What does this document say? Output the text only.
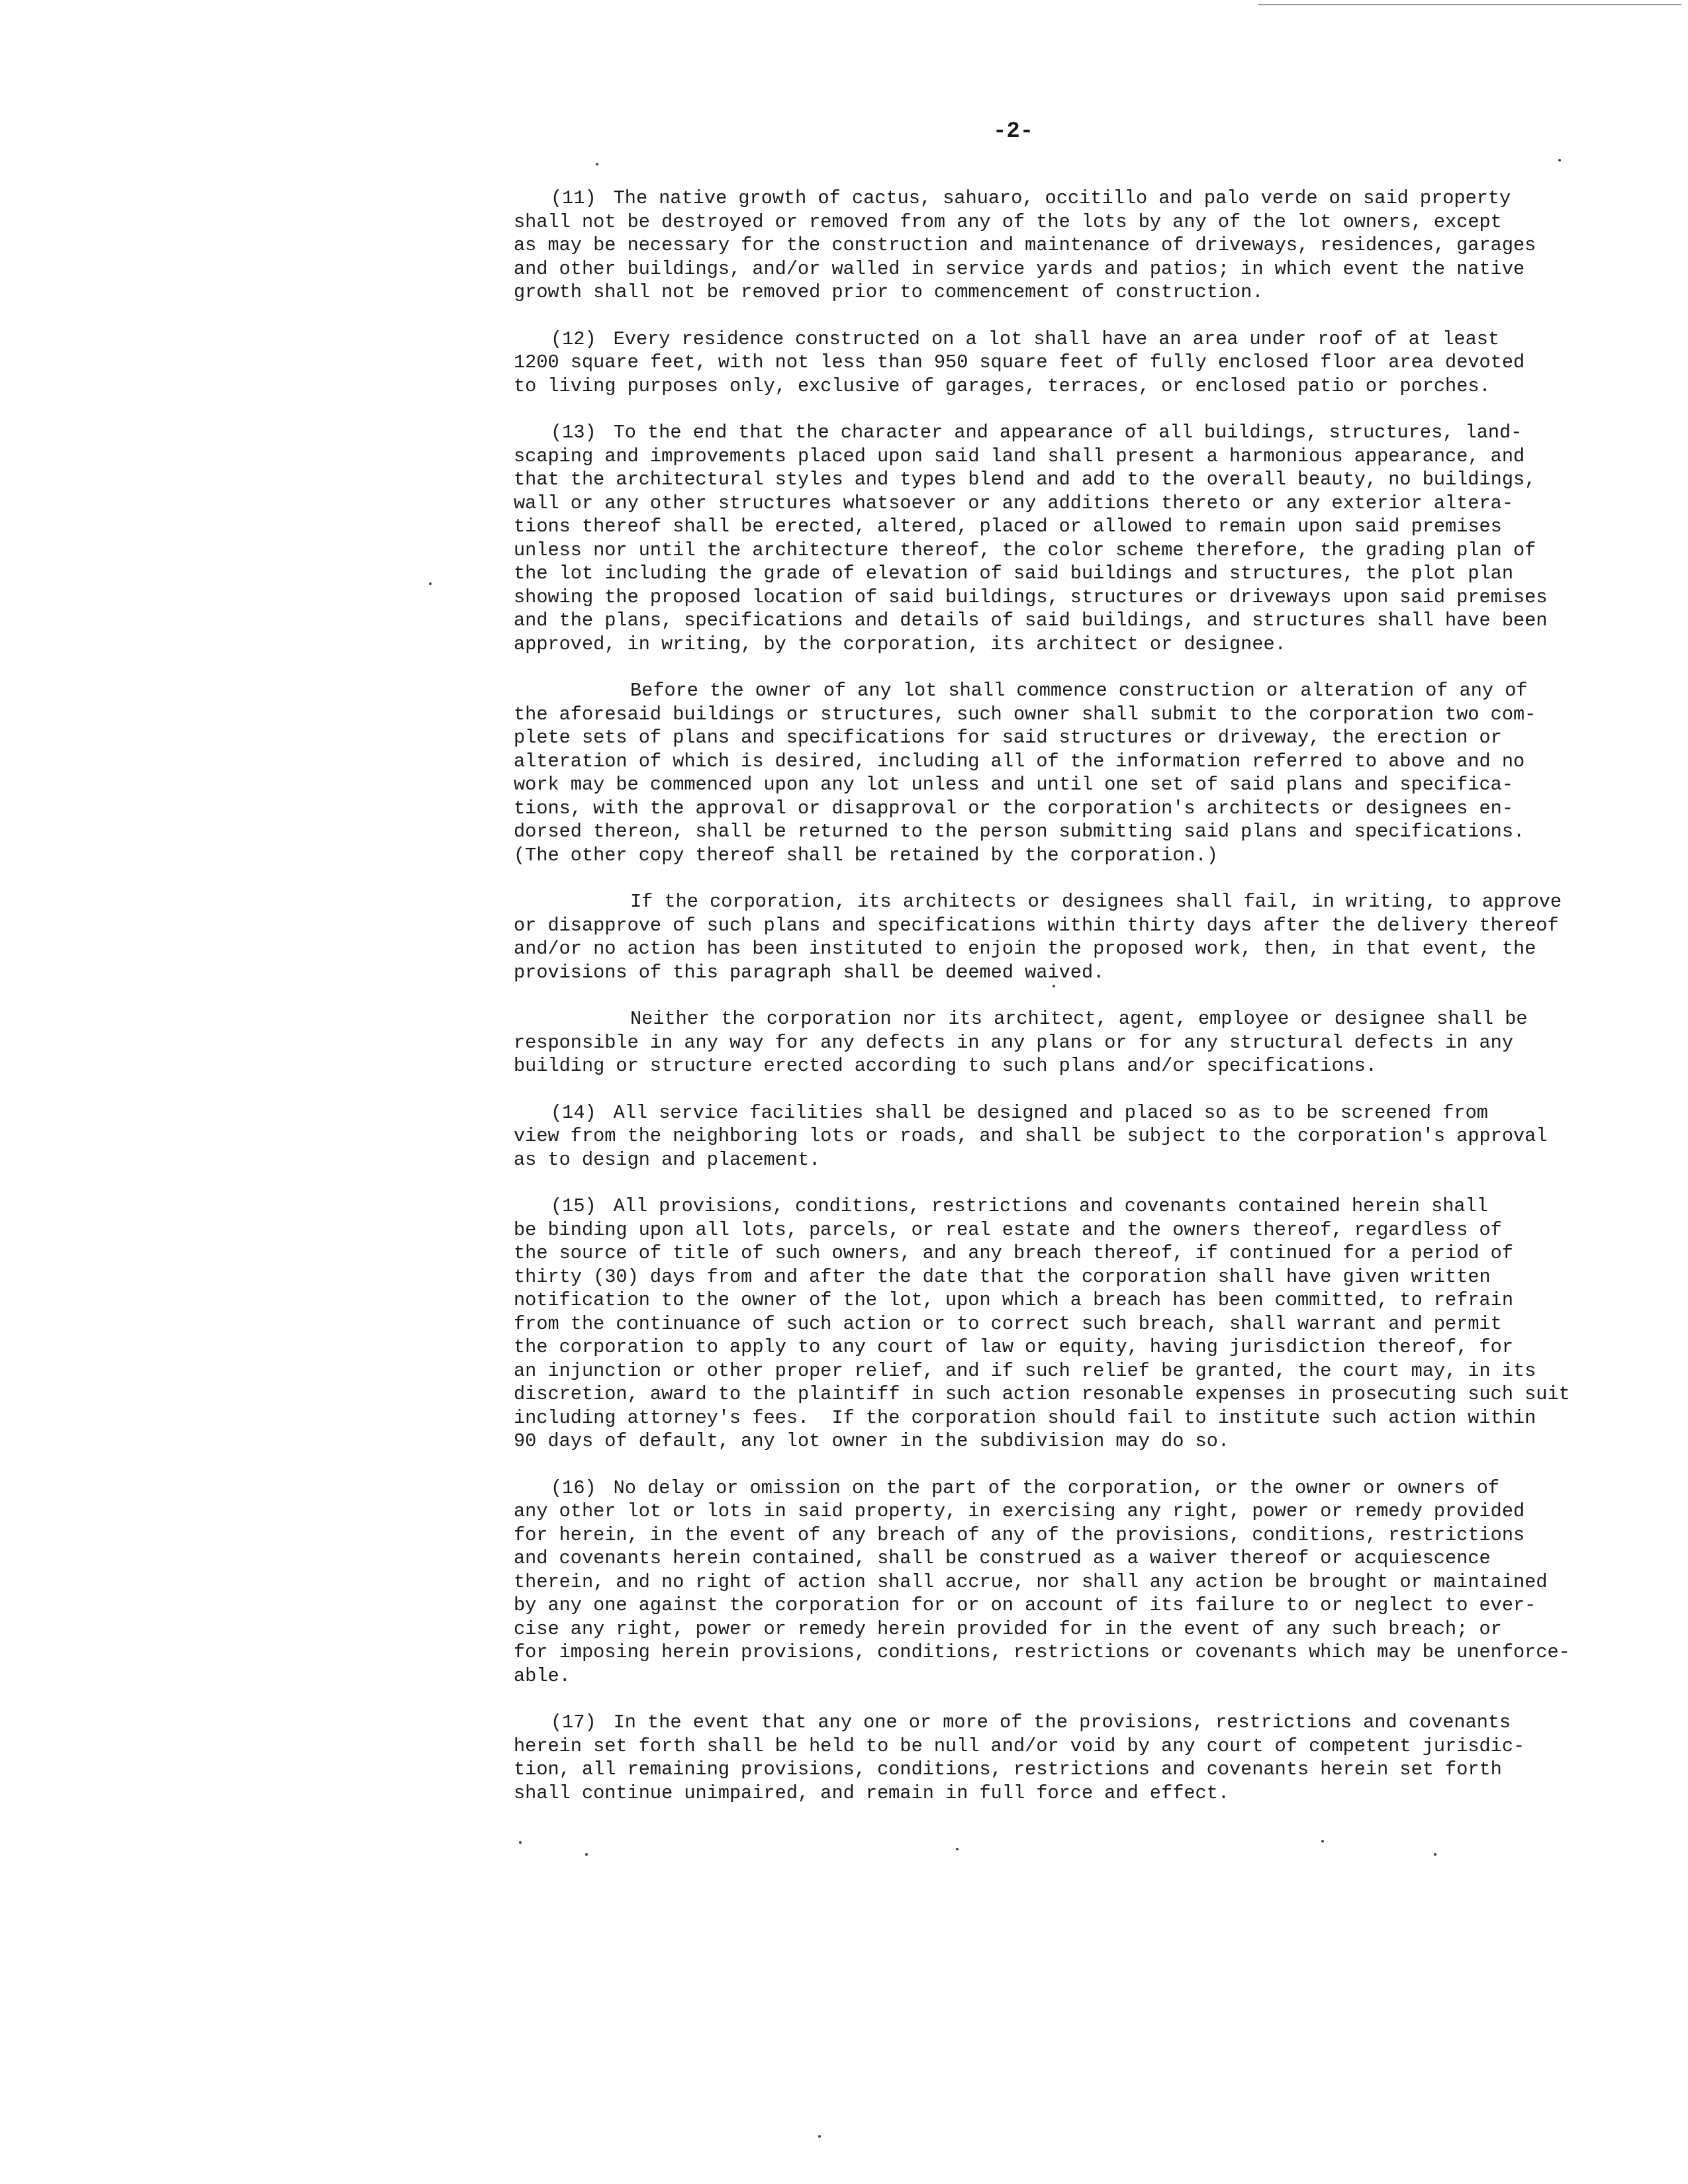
-2-
(11) The native growth of cactus, sahuaro, occitillo and palo verde on said property
shall not be destroyed or removed from any of the lots by any of the lot owners, except
as may be necessary for the construction and maintenance of driveways, residences, garages
and other buildings, and/or walled in service yards and patios; in which event the native
growth shall not be removed prior to commencement of construction.
(12) Every residence constructed on a lot shall have an area under roof of at least
1200 square feet, with not less than 950 square feet of fully enclosed floor area devoted
to living purposes only, exclusive of garages, terraces, or enclosed patio or porches.
(13) To the end that the character and appearance of all buildings, structures, land-
scaping and improvements placed upon said land shall present a harmonious appearance, and
that the architectural styles and types blend and add to the overall beauty, no buildings,
wall or any other structures whatsoever or any additions thereto or any exterior altera-
tions thereof shall be erected, altered, placed or allowed to remain upon said premises
unless nor until the architecture thereof, the color scheme therefore, the grading plan of
the lot including the grade of elevation of said buildings and structures, the plot plan
showing the proposed location of said buildings, structures or driveways upon said premises
and the plans, specifications and details of said buildings, and structures shall have been
approved, in writing, by the corporation, its architect or designee.
Before the owner of any lot shall commence construction or alteration of any of
the aforesaid buildings or structures, such owner shall submit to the corporation two com-
plete sets of plans and specifications for said structures or driveway, the erection or
alteration of which is desired, including all of the information referred to above and no
work may be commenced upon any lot unless and until one set of said plans and specifica-
tions, with the approval or disapproval or the corporation's architects or designees en-
dorsed thereon, shall be returned to the person submitting said plans and specifications.
(The other copy thereof shall be retained by the corporation.)
If the corporation, its architects or designees shall fail, in writing, to approve
or disapprove of such plans and specifications within thirty days after the delivery thereof
and/or no action has been instituted to enjoin the proposed work, then, in that event, the
provisions of this paragraph shall be deemed waived.
Neither the corporation nor its architect, agent, employee or designee shall be
responsible in any way for any defects in any plans or for any structural defects in any
building or structure erected according to such plans and/or specifications.
(14) All service facilities shall be designed and placed so as to be screened from
view from the neighboring lots or roads, and shall be subject to the corporation's approval
as to design and placement.
(15) All provisions, conditions, restrictions and covenants contained herein shall
be binding upon all lots, parcels, or real estate and the owners thereof, regardless of
the source of title of such owners, and any breach thereof, if continued for a period of
thirty (30) days from and after the date that the corporation shall have given written
notification to the owner of the lot, upon which a breach has been committed, to refrain
from the continuance of such action or to correct such breach, shall warrant and permit
the corporation to apply to any court of law or equity, having jurisdiction thereof, for
an injunction or other proper relief, and if such relief be granted, the court may, in its
discretion, award to the plaintiff in such action resonable expenses in prosecuting such suit
including attorney's fees.  If the corporation should fail to institute such action within
90 days of default, any lot owner in the subdivision may do so.
(16) No delay or omission on the part of the corporation, or the owner or owners of
any other lot or lots in said property, in exercising any right, power or remedy provided
for herein, in the event of any breach of any of the provisions, conditions, restrictions
and covenants herein contained, shall be construed as a waiver thereof or acquiescence
therein, and no right of action shall accrue, nor shall any action be brought or maintained
by any one against the corporation for or on account of its failure to or neglect to ever-
cise any right, power or remedy herein provided for in the event of any such breach; or
for imposing herein provisions, conditions, restrictions or covenants which may be unenforce-
able.
(17) In the event that any one or more of the provisions, restrictions and covenants
herein set forth shall be held to be null and/or void by any court of competent jurisdic-
tion, all remaining provisions, conditions, restrictions and covenants herein set forth
shall continue unimpaired, and remain in full force and effect.
